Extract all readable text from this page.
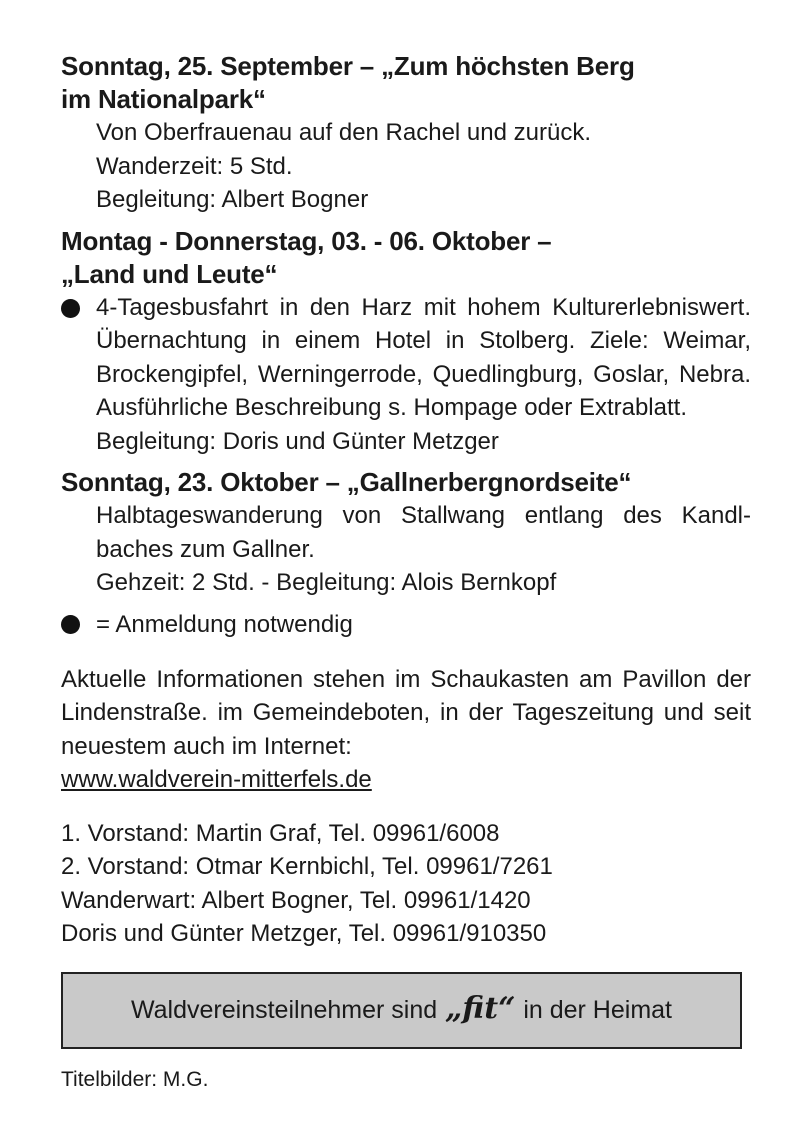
Sonntag, 25. September – „Zum höchsten Berg
im Nationalpark“

Von Oberfrauenau auf den Rachel und zurück.

Wanderzeit: 5 Std.

Begleitung: Albert Bogner

Montag - Donnerstag, 03. - 06. Oktober –
„Land und Leute“
4-Tagesbusfahrt in den Harz mit hohem Kulturerlebniswert. Übernachtung in einem Hotel in Stolberg. Ziele: Weimar, Brockengipfel, Werningerrode, Quedlingburg, Goslar, Nebra. Ausführliche Beschreibung s. Hompage oder Extrablatt.
Begleitung: Doris und Günter Metzger
Sonntag, 23. Oktober – „Gallnerbergnordseite“
Halbtageswanderung von Stallwang entlang des Kandlbaches zum Gallner.
Gehzeit: 2 Std. - Begleitung: Alois Bernkopf
= Anmeldung notwendig
Aktuelle Informationen stehen im Schaukasten am Pavillon der Lindenstraße. im Gemeindeboten, in der Tageszeitung und seit neuestem auch im Internet:
www.waldverein-mitterfels.de
1. Vorstand: Martin Graf, Tel. 09961/6008
2. Vorstand: Otmar Kernbichl, Tel. 09961/7261
Wanderwart: Albert Bogner, Tel. 09961/1420
Doris und Günter Metzger, Tel. 09961/910350
Waldvereinsteilnehmer sind „fit“ in der Heimat
Titelbilder: M.G.
